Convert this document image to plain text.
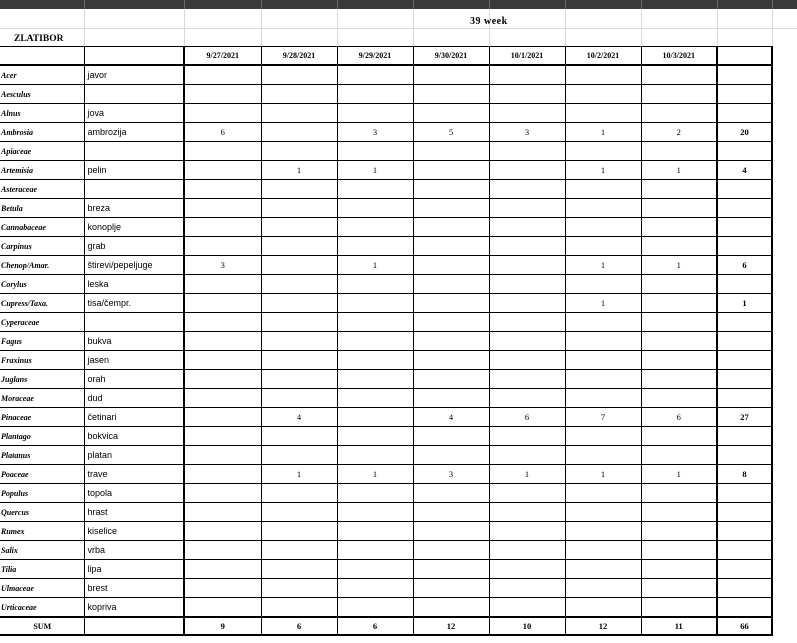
39 week
ZLATIBOR
		9/27/2021	9/28/2021	9/29/2021	9/30/2021	10/1/2021	10/2/2021	10/3/2021	
Acer	javor								
Aesculus									
Alnus	jova								
Ambrosia	ambrozija	6		3	5	3	1	2	20
Apiaceae									
Artemisia	pelin		1	1			1	1	4
Asteraceae									
Betula	breza								
Cannabaceae	konoplje								
Carpinus	grab								
Chenop/Amar.	štirevi/pepeljuge	3		1			1	1	6
Corylus	leska								
Cupress/Taxa.	tisa/čempr.						1		1
Cyperaceae									
Fagus	bukva								
Fraxinus	jasen								
Juglans	orah								
Moraceae	dud								
Pinaceae	četinari		4		4	6	7	6	27
Plantago	bokvica								
Platanus	platan								
Poaceae	trave		1	1	3	1	1	1	8
Populus	topola								
Quercus	hrast								
Rumex	kiselice								
Salix	vrba								
Tilia	lipa								
Ulmaceae	brest								
Urticaceae	kopriva								
SUM		9	6	6	12	10	12	11	66
